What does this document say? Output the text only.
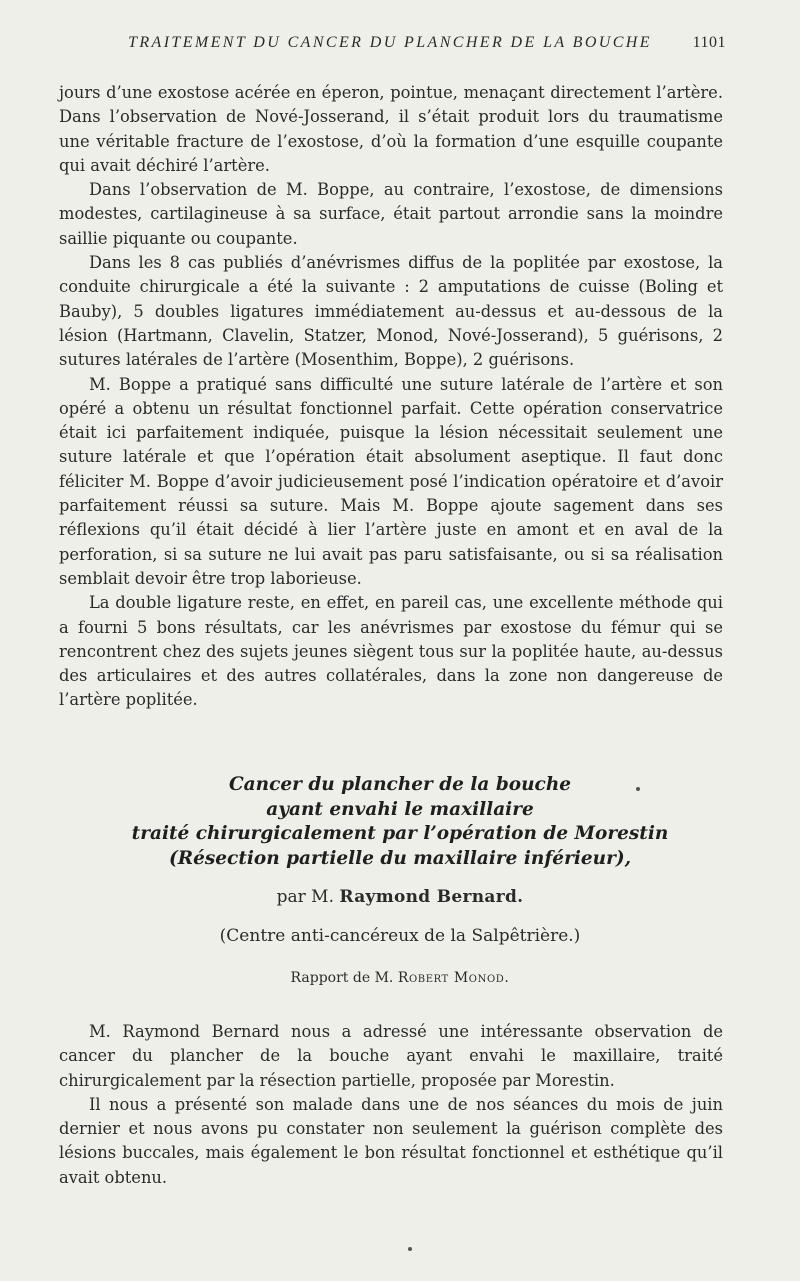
TRAITEMENT DU CANCER DU PLANCHER DE LA BOUCHE	1101

jours d’une exostose acérée en éperon, pointue, menaçant directement l’artère. Dans l’observation de Nové-Josserand, il s’était produit lors du traumatisme une véritable fracture de l’exostose, d’où la formation d’une esquille coupante qui avait déchiré l’artère.

Dans l’observation de M. Boppe, au contraire, l’exostose, de dimensions modestes, cartilagineuse à sa surface, était partout arrondie sans la moindre saillie piquante ou coupante.

Dans les 8 cas publiés d’anévrismes diffus de la poplitée par exostose, la conduite chirurgicale a été la suivante : 2 amputations de cuisse (Boling et Bauby), 5 doubles ligatures immédiatement au-dessus et au-dessous de la lésion (Hartmann, Clavelin, Statzer, Monod, Nové-Josserand), 5 guérisons, 2 sutures latérales de l’artère (Mosenthim, Boppe), 2 guérisons.

M. Boppe a pratiqué sans difficulté une suture latérale de l’artère et son opéré a obtenu un résultat fonctionnel parfait. Cette opération conservatrice était ici parfaitement indiquée, puisque la lésion nécessitait seulement une suture latérale et que l’opération était absolument aseptique. Il faut donc féliciter M. Boppe d’avoir judicieusement posé l’indication opératoire et d’avoir parfaitement réussi sa suture. Mais M. Boppe ajoute sagement dans ses réflexions qu’il était décidé à lier l’artère juste en amont et en aval de la perforation, si sa suture ne lui avait pas paru satisfaisante, ou si sa réalisation semblait devoir être trop laborieuse.

La double ligature reste, en effet, en pareil cas, une excellente méthode qui a fourni 5 bons résultats, car les anévrismes par exostose du fémur qui se rencontrent chez des sujets jeunes siègent tous sur la poplitée haute, au-dessus des articulaires et des autres collatérales, dans la zone non dangereuse de l’artère poplitée.

Cancer du plancher de la bouche
ayant envahi le maxillaire
traité chirurgicalement par l’opération de Morestin
(Résection partielle du maxillaire inférieur),
par M. Raymond Bernard.
(Centre anti-cancéreux de la Salpêtrière.)
Rapport de M. Robert Monod.

M. Raymond Bernard nous a adressé une intéressante observation de cancer du plancher de la bouche ayant envahi le maxillaire, traité chirurgicalement par la résection partielle, proposée par Morestin.

Il nous a présenté son malade dans une de nos séances du mois de juin dernier et nous avons pu constater non seulement la guérison complète des lésions buccales, mais également le bon résultat fonctionnel et esthétique qu’il avait obtenu.
